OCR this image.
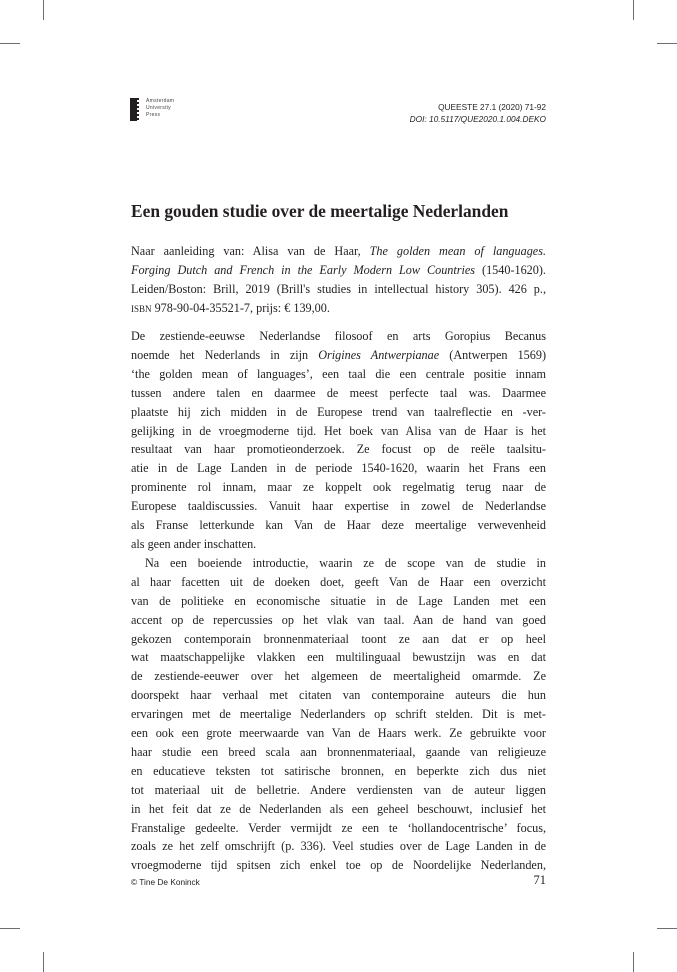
Amsterdam
University
Press
QUEESTE 27.1 (2020) 71-92
DOI: 10.5117/QUE2020.1.004.DEKO
Een gouden studie over de meertalige Nederlanden
Naar aanleiding van: Alisa van de Haar, The golden mean of languages.
Forging Dutch and French in the Early Modern Low Countries (1540-1620).
Leiden/Boston: Brill, 2019 (Brill's studies in intellectual history 305). 426 p.,
isbn 978-90-04-35521-7, prijs: € 139,00.
De zestiende-eeuwse Nederlandse filosoof en arts Goropius Becanus
noemde het Nederlands in zijn Origines Antwerpianae (Antwerpen 1569)
‘the golden mean of languages’, een taal die een centrale positie innam
tussen andere talen en daarmee de meest perfecte taal was. Daarmee
plaatste hij zich midden in de Europese trend van taalreflectie en -ver-
gelijking in de vroegmoderne tijd. Het boek van Alisa van de Haar is het
resultaat van haar promotieonderzoek. Ze focust op de reële taalsitu-
atie in de Lage Landen in de periode 1540-1620, waarin het Frans een
prominente rol innam, maar ze koppelt ook regelmatig terug naar de
Europese taaldiscussies. Vanuit haar expertise in zowel de Nederlandse
als Franse letterkunde kan Van de Haar deze meertalige verwevenheid
als geen ander inschatten.
Na een boeiende introductie, waarin ze de scope van de studie in
al haar facetten uit de doeken doet, geeft Van de Haar een overzicht
van de politieke en economische situatie in de Lage Landen met een
accent op de repercussies op het vlak van taal. Aan de hand van goed
gekozen contemporain bronnenmateriaal toont ze aan dat er op heel
wat maatschappelijke vlakken een multilinguaal bewustzijn was en dat
de zestiende-eeuwer over het algemeen de meertaligheid omarmde. Ze
doorspekt haar verhaal met citaten van contemporaine auteurs die hun
ervaringen met de meertalige Nederlanders op schrift stelden. Dit is met-
een ook een grote meerwaarde van Van de Haars werk. Ze gebruikte voor
haar studie een breed scala aan bronnenmateriaal, gaande van religieuze
en educatieve teksten tot satirische bronnen, en beperkte zich dus niet
tot materiaal uit de belletrie. Andere verdiensten van de auteur liggen
in het feit dat ze de Nederlanden als een geheel beschouwt, inclusief het
Franstalige gedeelte. Verder vermijdt ze een te ‘hollandocentrische’ focus,
zoals ze het zelf omschrijft (p. 336). Veel studies over de Lage Landen in de
vroegmoderne tijd spitsen zich enkel toe op de Noordelijke Nederlanden,
© Tine De Koninck	71
